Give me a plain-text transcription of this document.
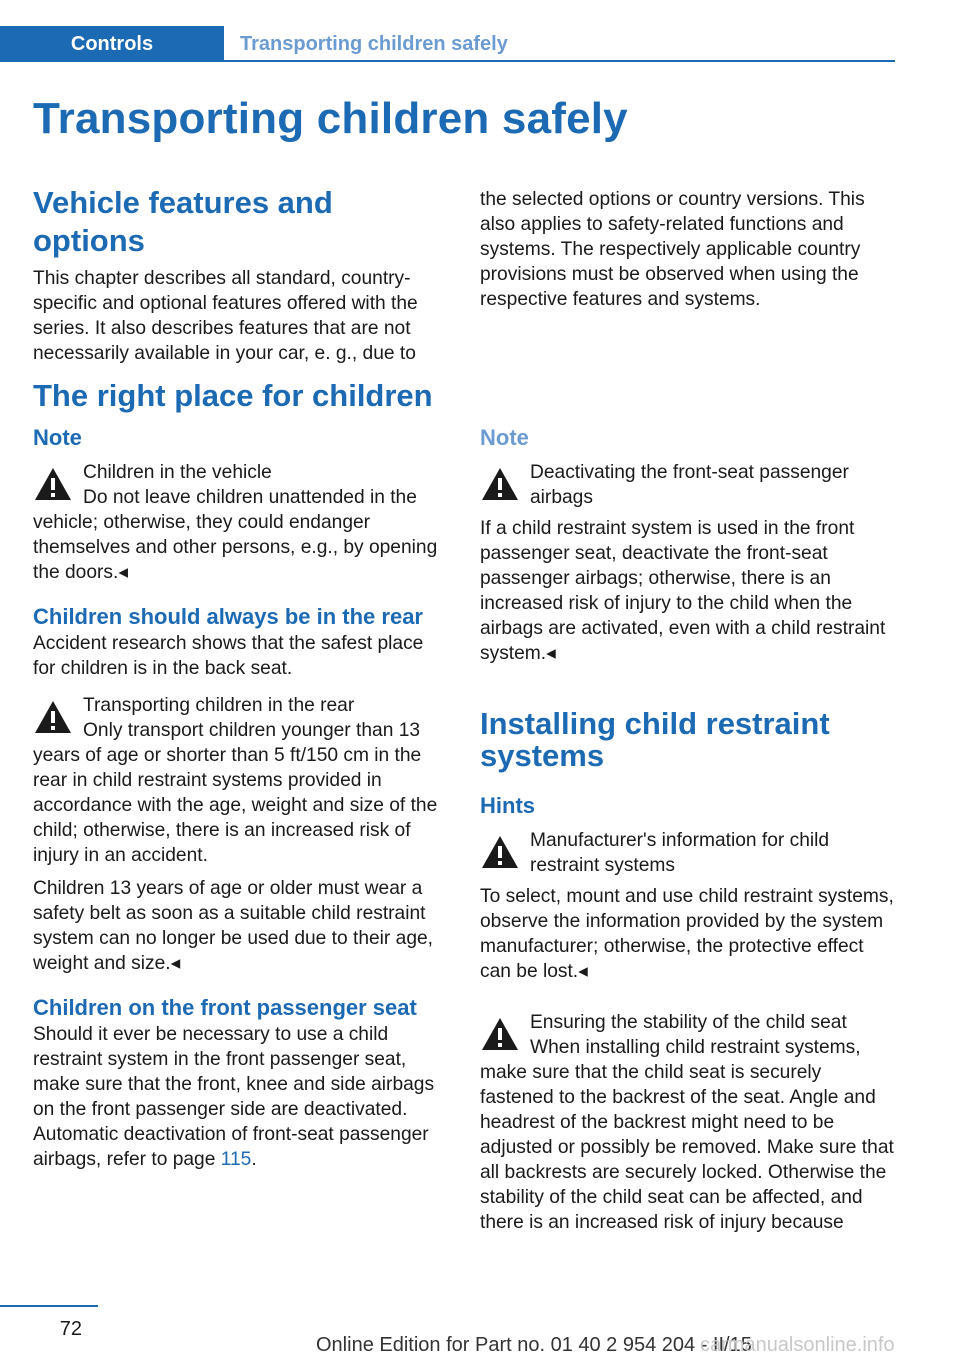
Controls	Transporting children safely
Transporting children safely
Vehicle features and options

This chapter describes all standard, country-specific and optional features offered with the series. It also describes features that are not necessarily available in your car, e. g., due to

the selected options or country versions. This also applies to safety-related functions and systems. The respectively applicable country provisions must be observed when using the respective features and systems.

The right place for children
Note

Children in the vehicle

Do not leave children unattended in the vehicle; otherwise, they could endanger themselves and other persons, e.g., by opening the doors.◂

Children should always be in the rear

Accident research shows that the safest place for children is in the back seat.

Transporting children in the rear

Only transport children younger than 13 years of age or shorter than 5 ft/150 cm in the rear in child restraint systems provided in accordance with the age, weight and size of the child; otherwise, there is an increased risk of injury in an accident.

Children 13 years of age or older must wear a safety belt as soon as a suitable child restraint system can no longer be used due to their age, weight and size.◂

Children on the front passenger seat

Should it ever be necessary to use a child restraint system in the front passenger seat, make sure that the front, knee and side airbags on the front passenger side are deactivated. Automatic deactivation of front-seat passenger airbags, refer to page 115.

Note

Deactivating the front-seat passenger airbags

If a child restraint system is used in the front passenger seat, deactivate the front-seat passenger airbags; otherwise, there is an increased risk of injury to the child when the airbags are activated, even with a child restraint system.◂

Installing child restraint systems
Hints

Manufacturer's information for child restraint systems

To select, mount and use child restraint systems, observe the information provided by the system manufacturer; otherwise, the protective effect can be lost.◂

Ensuring the stability of the child seat

When installing child restraint systems, make sure that the child seat is securely fastened to the backrest of the seat. Angle and headrest of the backrest might need to be adjusted or possibly be removed. Make sure that all backrests are securely locked. Otherwise the stability of the child seat can be affected, and there is an increased risk of injury because

72
Online Edition for Part no. 01 40 2 954 204 - II/15
carmanualsonline.info
